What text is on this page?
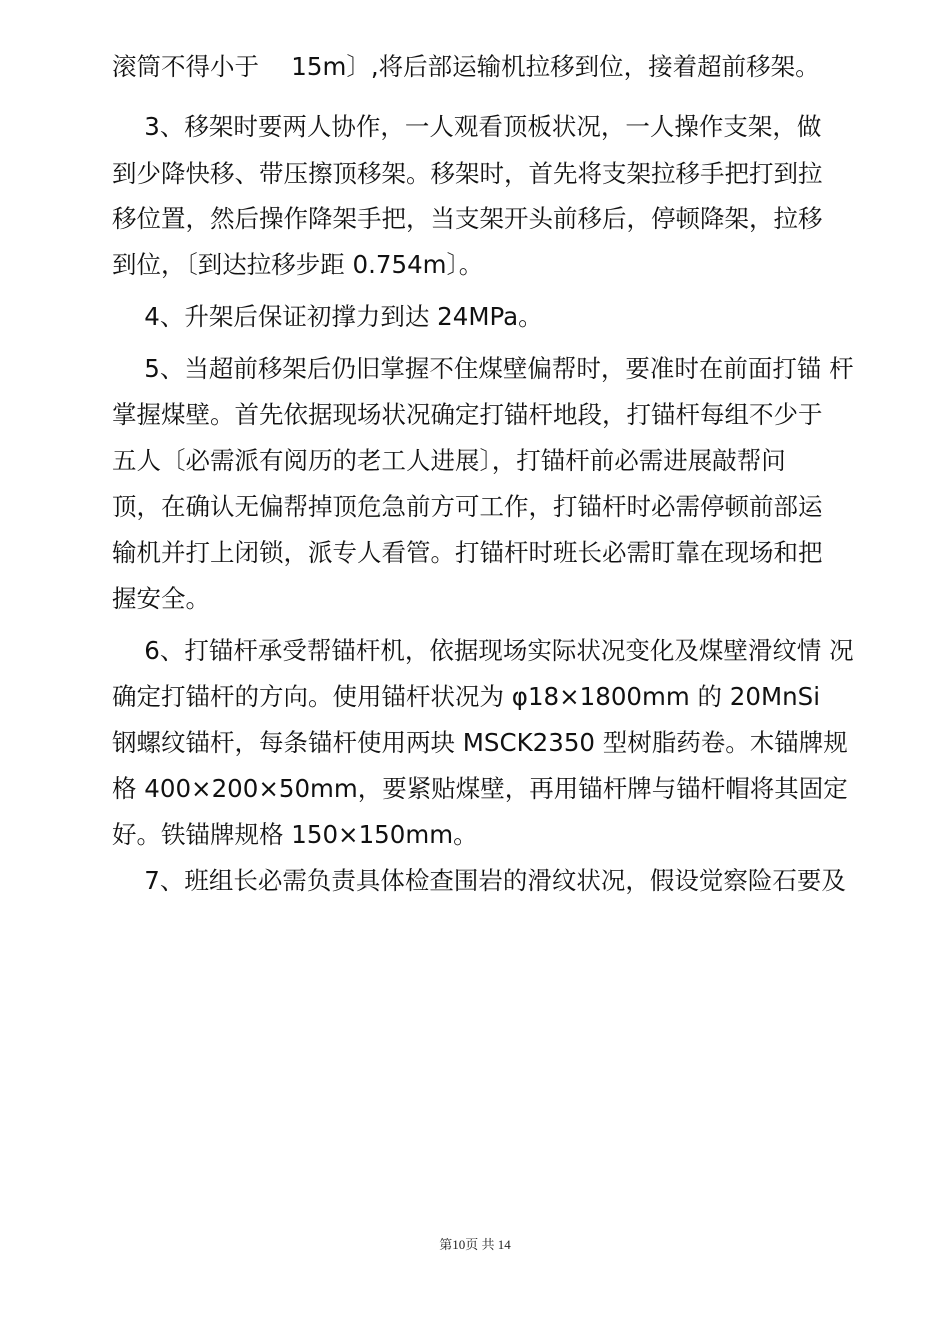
滚筒不得小于　 15m〕,将后部运输机拉移到位，接着超前移架。
　 3、移架时要两人协作，一人观看顶板状况，一人操作支架，做
到少降快移、带压擦顶移架。移架时，首先将支架拉移手把打到拉
移位置，然后操作降架手把，当支架开头前移后，停顿降架，拉移
到位，〔到达拉移步距 0.754m〕。
　 4、升架后保证初撑力到达 24MPa。
　 5、当超前移架后仍旧掌握不住煤壁偏帮时，要准时在前面打锚 杆
掌握煤壁。首先依据现场状况确定打锚杆地段，打锚杆每组不少于
五人〔必需派有阅历的老工人进展〕，打锚杆前必需进展敲帮问
顶，在确认无偏帮掉顶危急前方可工作，打锚杆时必需停顿前部运
输机并打上闭锁，派专人看管。打锚杆时班长必需盯靠在现场和把
握安全。
　 6、打锚杆承受帮锚杆机，依据现场实际状况变化及煤壁滑纹情 况
确定打锚杆的方向。使用锚杆状况为 φ18×1800mm 的 20MnSi
钢螺纹锚杆，每条锚杆使用两块 MSCK2350 型树脂药卷。木锚牌规
格 400×200×50mm，要紧贴煤壁，再用锚杆牌与锚杆帽将其固定
好。铁锚牌规格 150×150mm。
　 7、班组长必需负责具体检查围岩的滑纹状况，假设觉察险石要及
第10页 共 14
